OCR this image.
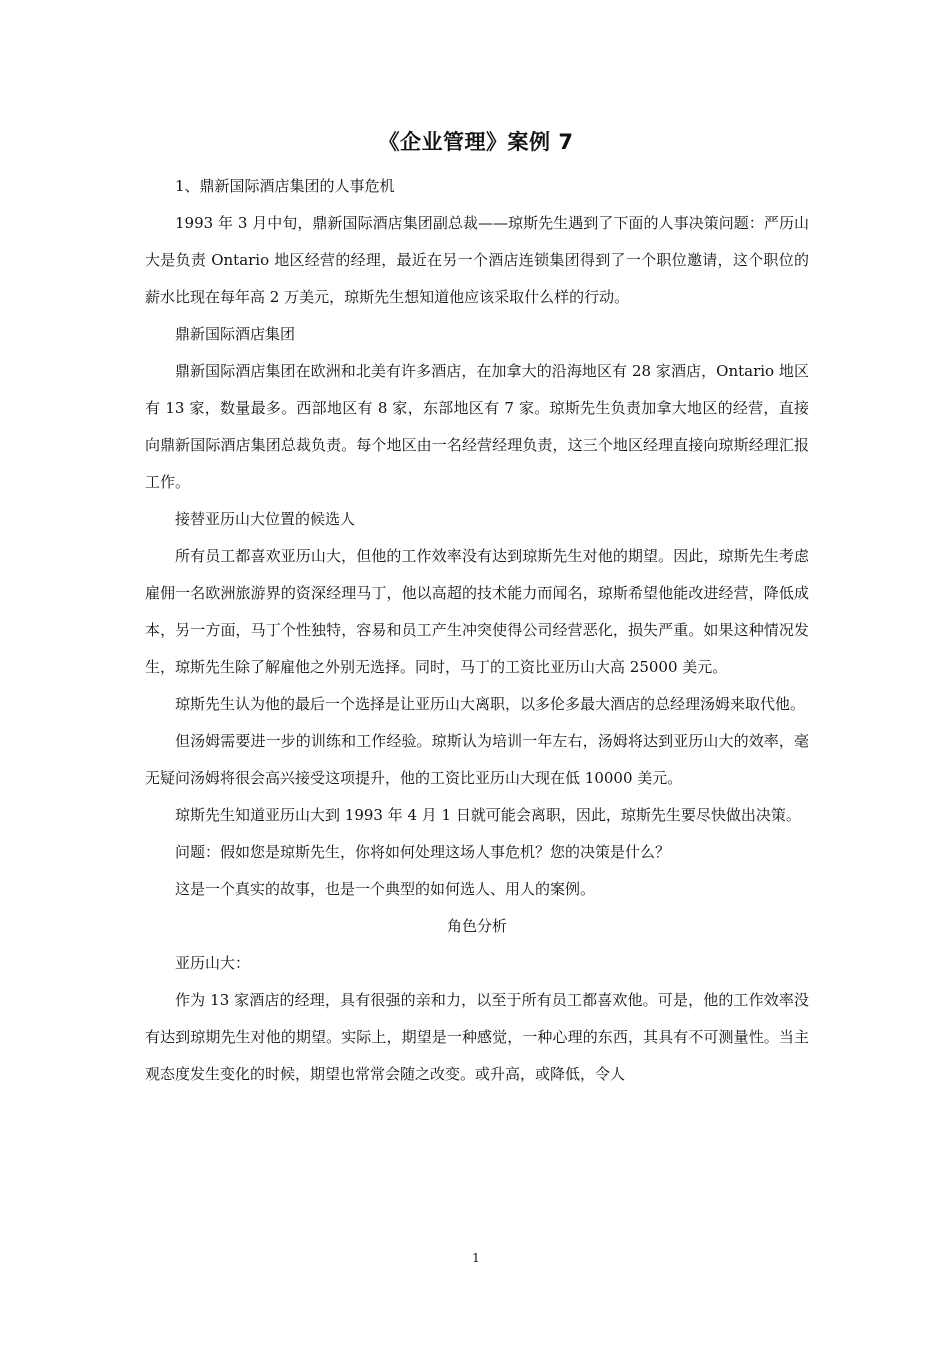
《企业管理》案例 7

1、鼎新国际酒店集团的人事危机

1993 年 3 月中旬，鼎新国际酒店集团副总裁——琼斯先生遇到了下面的人事决策问题：严历山大是负责 Ontario 地区经营的经理，最近在另一个酒店连锁集团得到了一个职位邀请，这个职位的薪水比现在每年高 2 万美元，琼斯先生想知道他应该采取什么样的行动。

鼎新国际酒店集团

鼎新国际酒店集团在欧洲和北美有许多酒店，在加拿大的沿海地区有 28 家酒店，Ontario 地区有 13 家，数量最多。西部地区有 8 家，东部地区有 7 家。琼斯先生负责加拿大地区的经营，直接向鼎新国际酒店集团总裁负责。每个地区由一名经营经理负责，这三个地区经理直接向琼斯经理汇报工作。

接替亚历山大位置的候选人

所有员工都喜欢亚历山大，但他的工作效率没有达到琼斯先生对他的期望。因此，琼斯先生考虑雇佣一名欧洲旅游界的资深经理马丁，他以高超的技术能力而闻名，琼斯希望他能改进经营，降低成本，另一方面，马丁个性独特，容易和员工产生冲突使得公司经营恶化，损失严重。如果这种情况发生，琼斯先生除了解雇他之外别无选择。同时，马丁的工资比亚历山大高 25000 美元。

琼斯先生认为他的最后一个选择是让亚历山大离职，以多伦多最大酒店的总经理汤姆来取代他。

但汤姆需要进一步的训练和工作经验。琼斯认为培训一年左右，汤姆将达到亚历山大的效率，毫无疑问汤姆将很会高兴接受这项提升，他的工资比亚历山大现在低 10000 美元。

琼斯先生知道亚历山大到 1993 年 4 月 1 日就可能会离职，因此，琼斯先生要尽快做出决策。

问题：假如您是琼斯先生，你将如何处理这场人事危机？您的决策是什么？

这是一个真实的故事，也是一个典型的如何选人、用人的案例。

角色分析

亚历山大：

作为 13 家酒店的经理，具有很强的亲和力，以至于所有员工都喜欢他。可是，他的工作效率没有达到琼期先生对他的期望。实际上，期望是一种感觉，一种心理的东西，其具有不可测量性。当主观态度发生变化的时候，期望也常常会随之改变。或升高，或降低，令人

1
